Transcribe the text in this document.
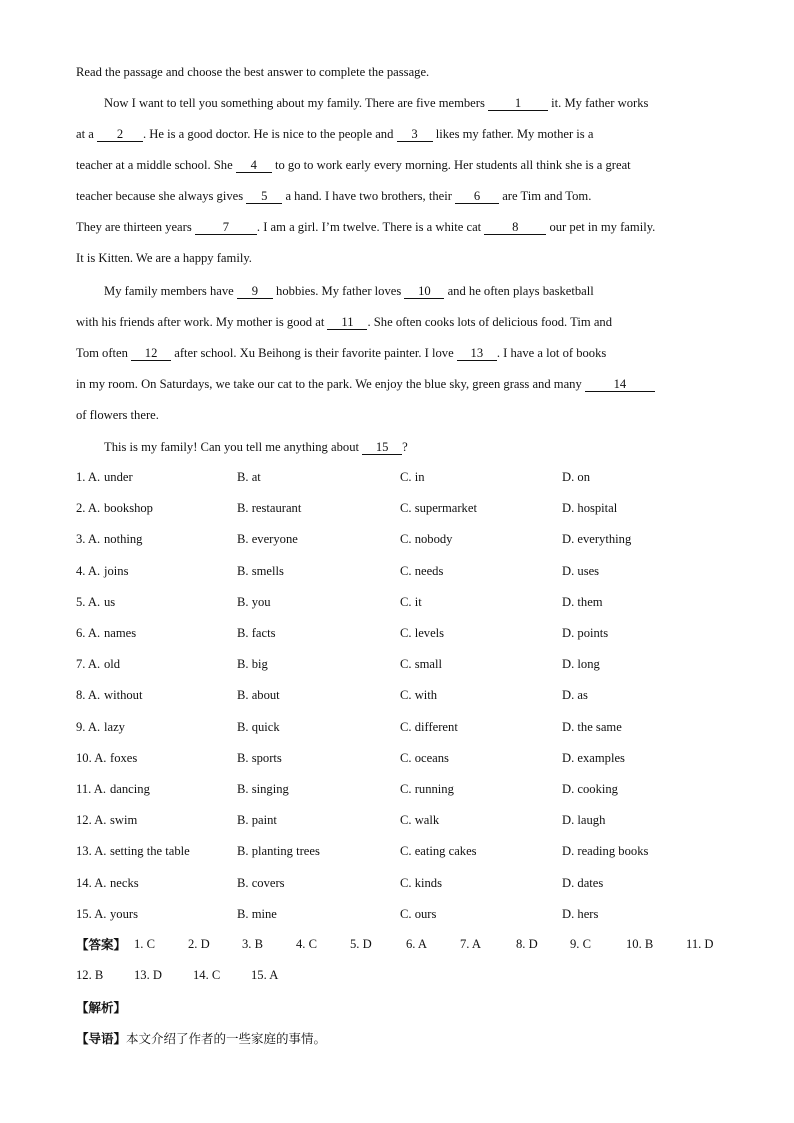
Read the passage and choose the best answer to complete the passage.
Now I want to tell you something about my family. There are five members 1 it. My father works
at a 2 . He is a good doctor. He is nice to the people and 3 likes my father. My mother is a
teacher at a middle school. She 4 to go to work early every morning. Her students all think she is a great
teacher because she always gives 5 a hand. I have two brothers, their 6 are Tim and Tom.
They are thirteen years 7 . I am a girl. I’m twelve. There is a white cat 8 our pet in my family.
It is Kitten. We are a happy family.
My family members have 9 hobbies. My father loves 10 and he often plays basketball
with his friends after work. My mother is good at 11 . She often cooks lots of delicious food. Tim and
Tom often 12 after school. Xu Beihong is their favorite painter. I love 13 . I have a lot of books
in my room. On Saturdays, we take our cat to the park. We enjoy the blue sky, green grass and many 14
of flowers there.
This is my family! Can you tell me anything about 15 ?
1. A. under	B. at	C. in	D. on
2. A. bookshop	B. restaurant	C. supermarket	D. hospital
3. A. nothing	B. everyone	C. nobody	D. everything
4. A. joins	B. smells	C. needs	D. uses
5. A. us	B. you	C. it	D. them
6. A. names	B. facts	C. levels	D. points
7. A. old	B. big	C. small	D. long
8. A. without	B. about	C. with	D. as
9. A. lazy	B. quick	C. different	D. the same
10. A. foxes	B. sports	C. oceans	D. examples
11. A. dancing	B. singing	C. running	D. cooking
12. A. swim	B. paint	C. walk	D. laugh
13. A. setting the table	B. planting trees	C. eating cakes	D. reading books
14. A. necks	B. covers	C. kinds	D. dates
15. A. yours	B. mine	C. ours	D. hers
【答案】 1. C	2. D	3. B	4. C	5. D	6. A	7. A	8. D	9. C	10. B	11. D
12. B 13. D 14. C 15. A
【解析】
【导语】本文介绍了作者的一些家庭的事情。
